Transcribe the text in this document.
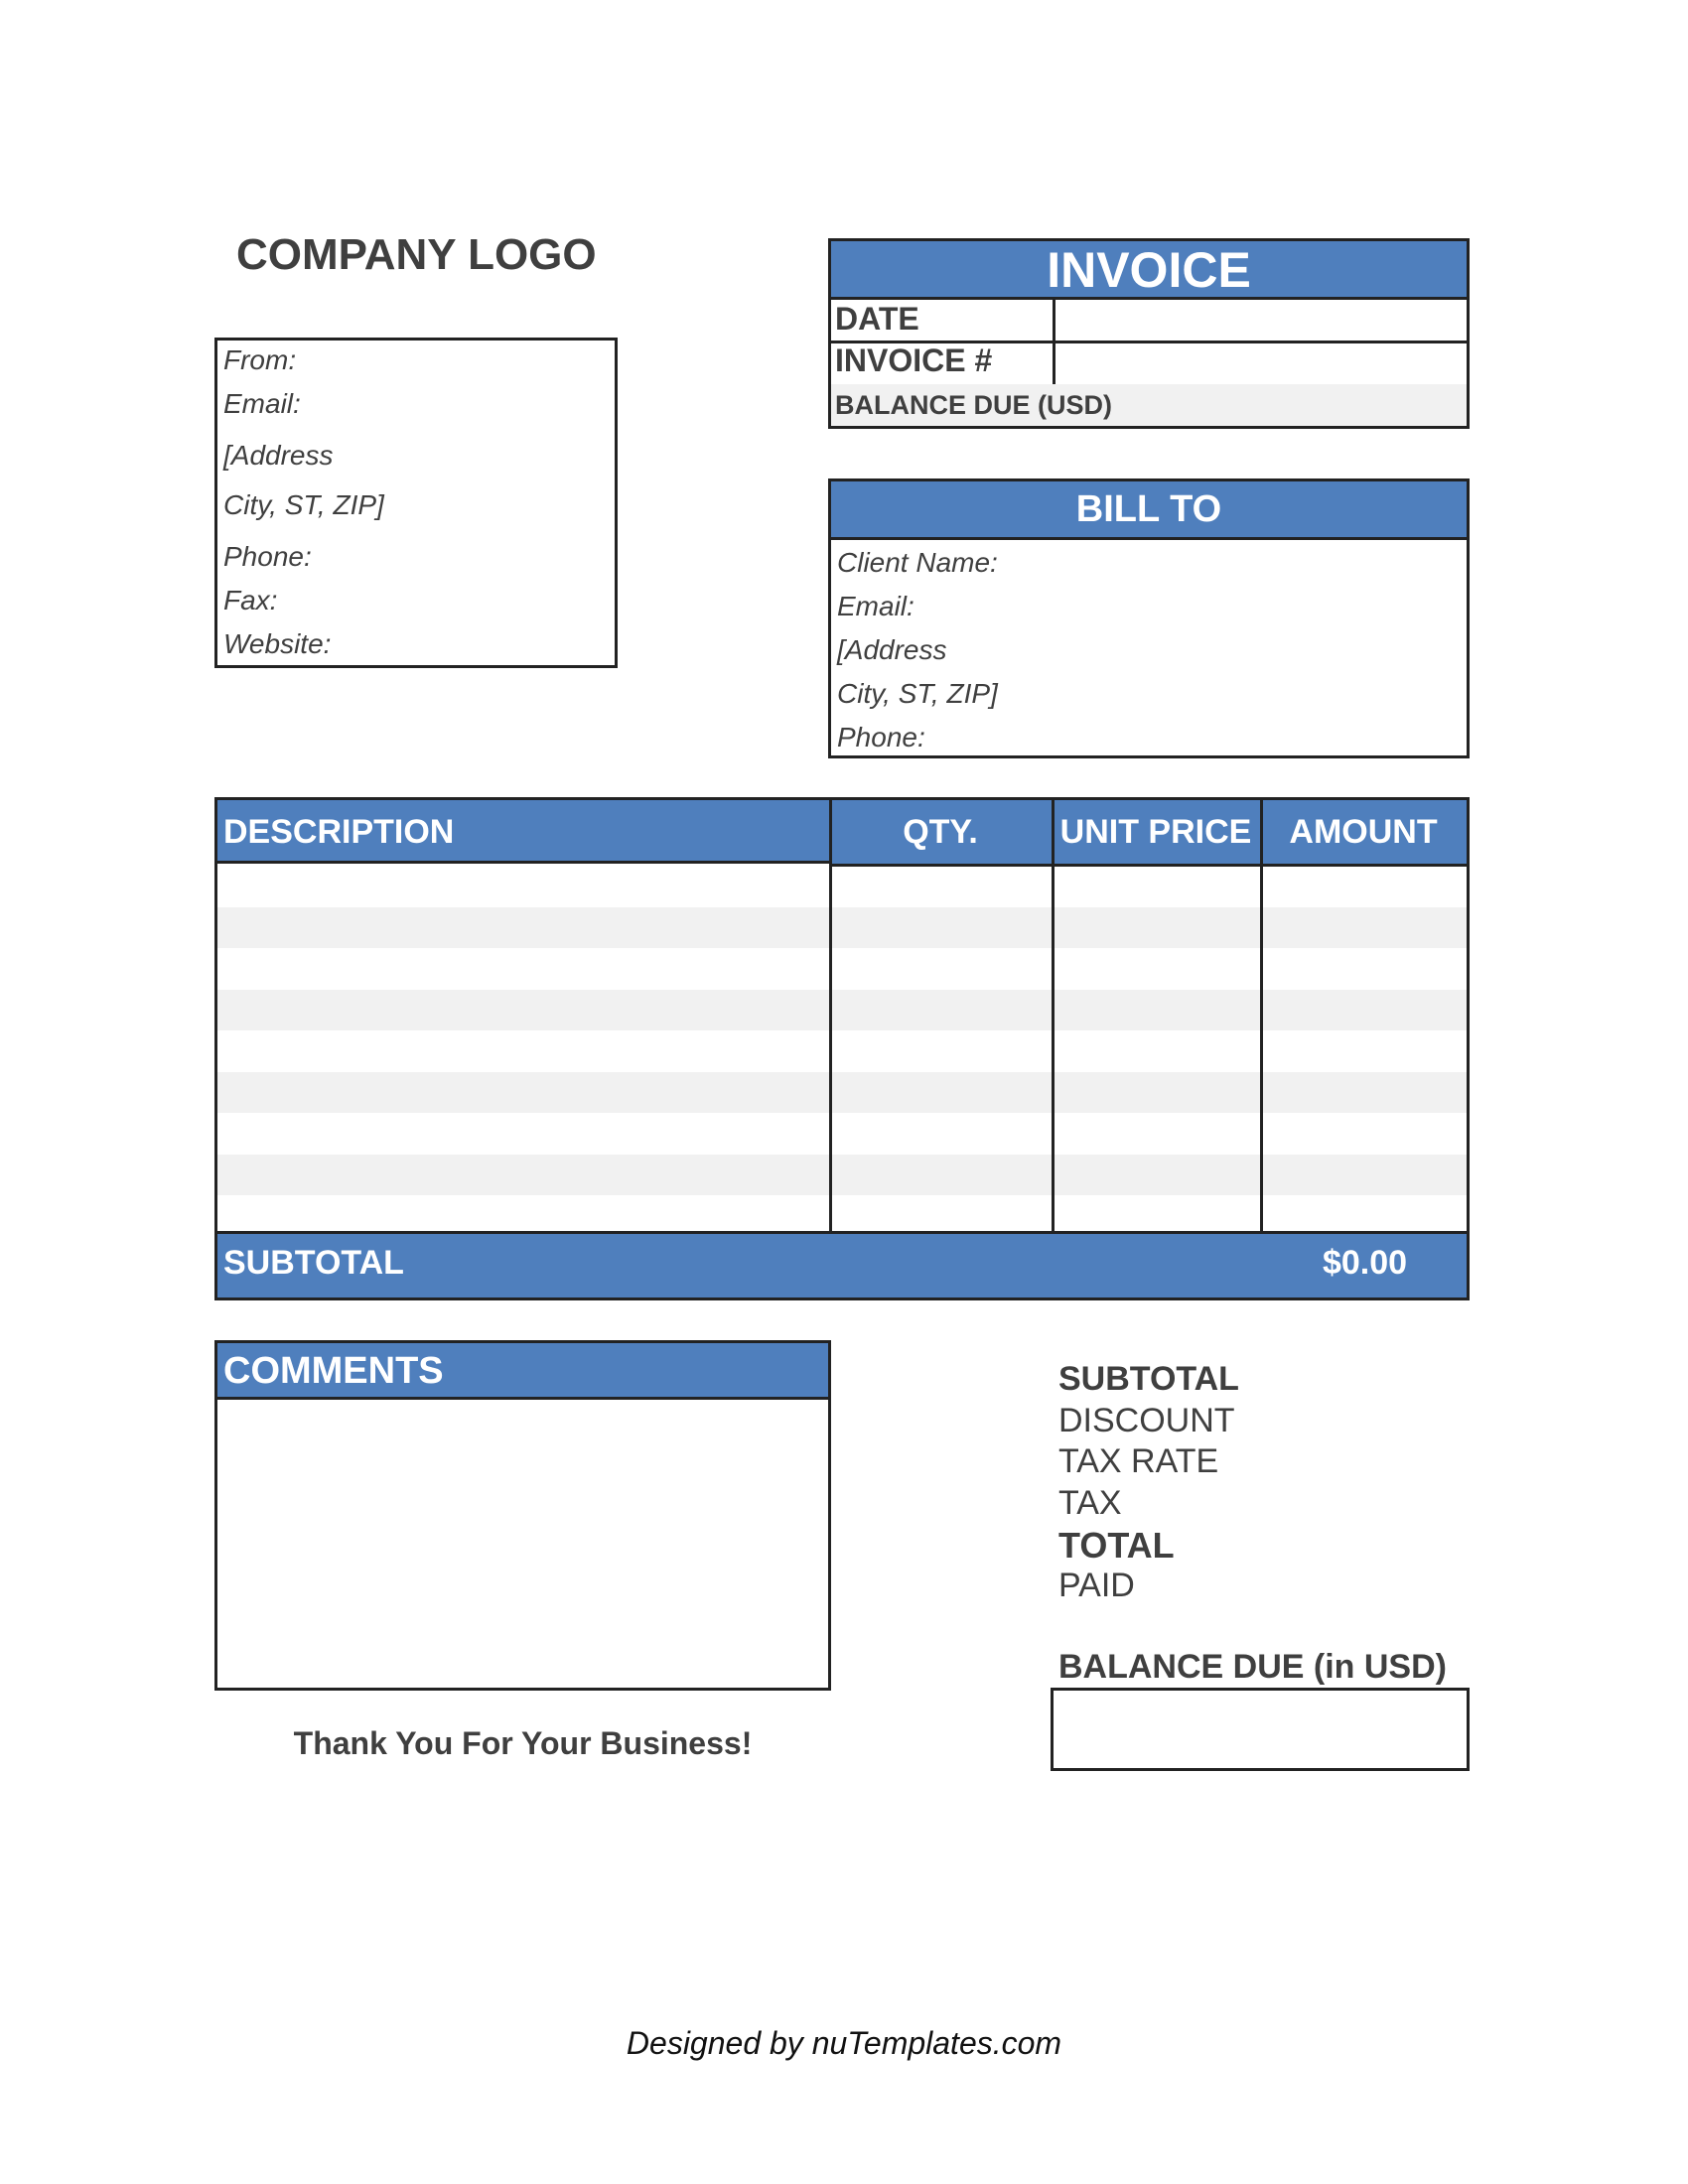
COMPANY LOGO
From:
Email:
[Address
City, ST, ZIP]
Phone:
Fax:
Website:
INVOICE
DATE
INVOICE #
BALANCE DUE (USD)
BILL TO
Client Name:
Email:
[Address
City, ST, ZIP]
Phone:
DESCRIPTION	QTY.	UNIT PRICE	AMOUNT
SUBTOTAL	$0.00
COMMENTS
Thank You For Your Business!
SUBTOTAL
DISCOUNT
TAX RATE
TAX
TOTAL
PAID
BALANCE DUE (in USD)
Designed by nuTemplates.com
